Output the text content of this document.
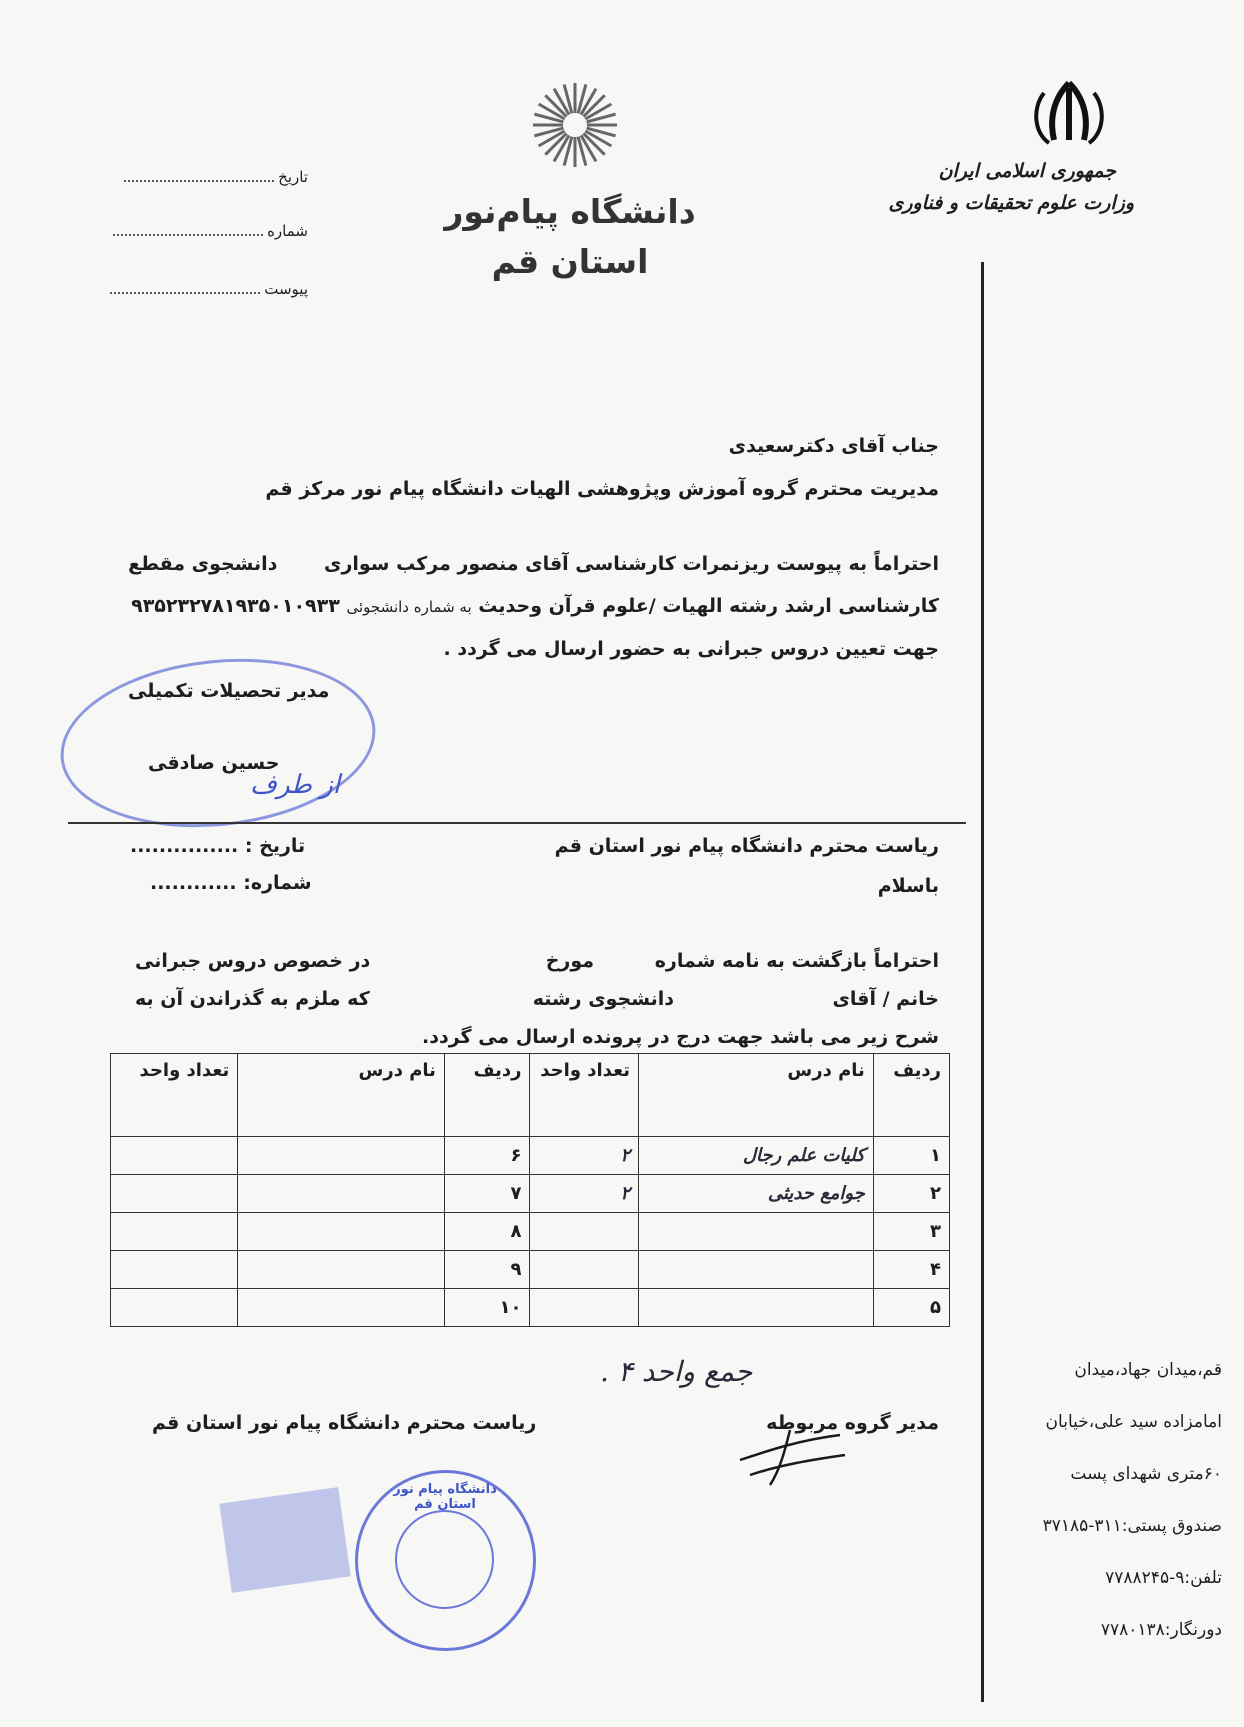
جمهوری اسلامی ایران
وزارت علوم تحقیقات و فناوری
دانشگاه پیام‌نور
استان قم
تاریخ
شماره
پیوست
جناب آقای دکترسعیدی
مدیریت محترم گروه آموزش وپژوهشی الهیات دانشگاه پیام نور مرکز قم
احتراماً به پیوست ریزنمرات کارشناسی آقای منصور مرکب سواری دانشجوی مقطع
کارشناسی ارشد رشته الهیات /علوم قرآن وحدیث به شماره دانشجوئی ۹۳۵۲۳۲۷۸۱۹۳۵۰۱۰۹۳۳
جهت تعیین دروس جبرانی به حضور ارسال می گردد .
مدیر تحصیلات تکمیلی
حسین صادقی
از طرف
تاریخ : ...............
شماره: ............
ریاست محترم دانشگاه پیام نور استان قم
باسلام
احتراماً بازگشت به نامه شماره
مورخ
در خصوص دروس جبرانی
خانم / آقای
دانشجوی رشته
که ملزم به گذراندن آن به
شرح زیر می باشد جهت درج در پرونده ارسال می گردد.
ردیف	نام درس	تعداد واحد	ردیف	نام درس	تعداد واحد
۱	کلیات علم رجال	۲	۶		
۲	جوامع حدیثی	۲	۷		
۳			۸		
۴			۹		
۵			۱۰		
جمع واحد ۴ .
مدیر گروه مربوطه
ریاست محترم دانشگاه پیام نور استان قم
دانشگاه پیام نور استان قم
قم،میدان جهاد،میدان
امامزاده سید علی،خیابان
۶۰متری شهدای پست
صندوق پستی:۳۱۱-۳۷۱۸۵
تلفن:۹-۷۷۸۸۲۴۵
دورنگار:۷۷۸۰۱۳۸
